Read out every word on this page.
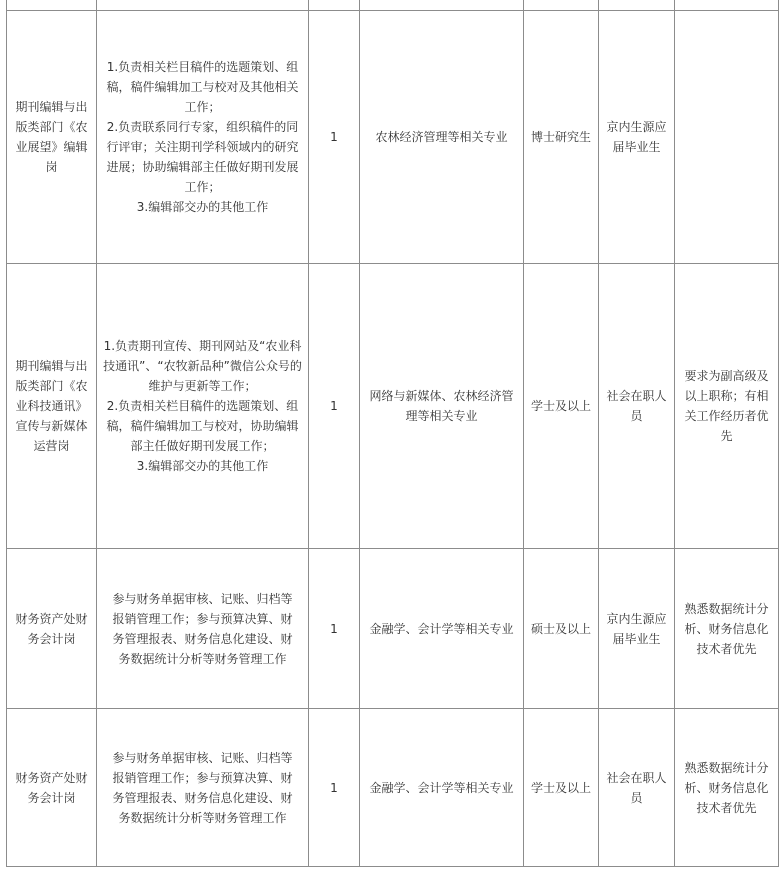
期刊编辑与出版类部门《农业展望》编辑岗	1.负责相关栏目稿件的选题策划、组稿，稿件编辑加工与校对及其他相关工作；

2.负责联系同行专家，组织稿件的同行评审；关注期刊学科领域内的研究进展；协助编辑部主任做好期刊发展工作；

3.编辑部交办的其他工作	1	农林经济管理等相关专业	博士研究生	京内生源应届毕业生	
期刊编辑与出版类部门《农业科技通讯》宣传与新媒体运营岗	1.负责期刊宣传、期刊网站及“农业科技通讯”、“农牧新品种”微信公众号的维护与更新等工作；

2.负责相关栏目稿件的选题策划、组稿，稿件编辑加工与校对，协助编辑部主任做好期刊发展工作；

3.编辑部交办的其他工作	1	网络与新媒体、农林经济管理等相关专业	学士及以上	社会在职人员	要求为副高级及以上职称；有相关工作经历者优先
财务资产处财务会计岗	参与财务单据审核、记账、归档等报销管理工作；参与预算决算、财务管理报表、财务信息化建设、财务数据统计分析等财务管理工作	1	金融学、会计学等相关专业	硕士及以上	京内生源应届毕业生	熟悉数据统计分析、财务信息化技术者优先
财务资产处财务会计岗	参与财务单据审核、记账、归档等报销管理工作；参与预算决算、财务管理报表、财务信息化建设、财务数据统计分析等财务管理工作	1	金融学、会计学等相关专业	学士及以上	社会在职人员	熟悉数据统计分析、财务信息化技术者优先
